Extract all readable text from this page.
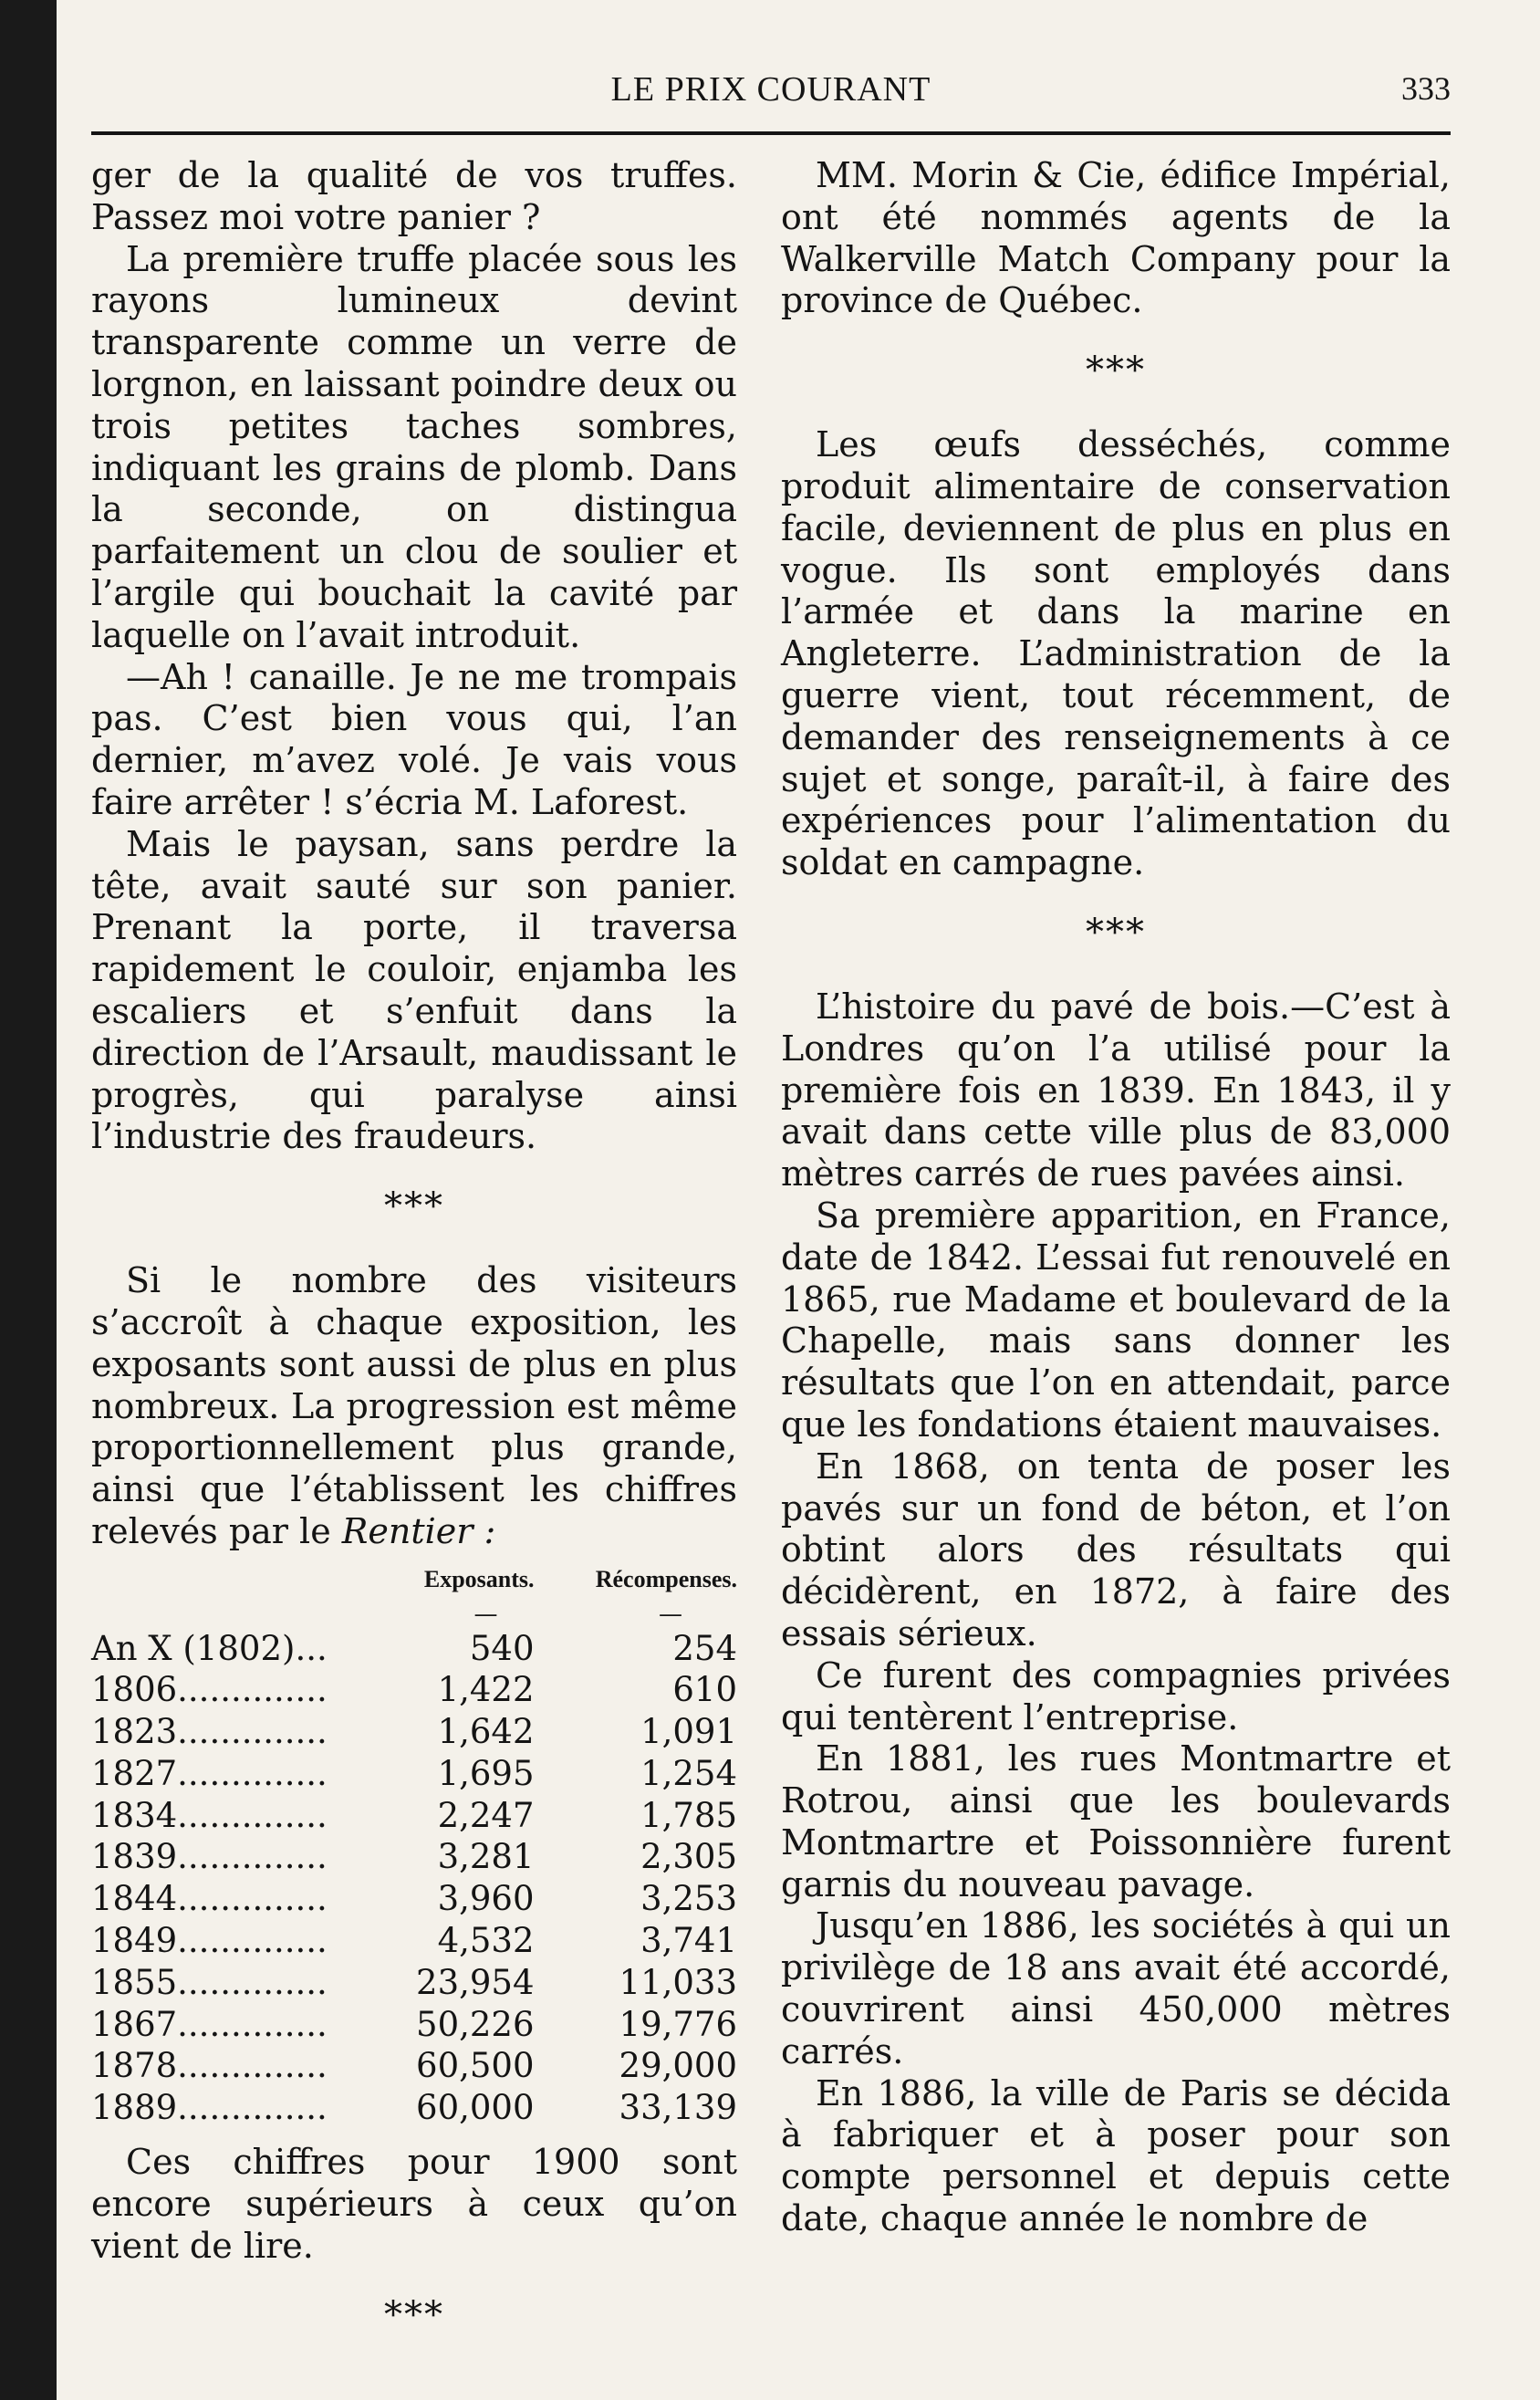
LE PRIX COURANT	333

ger de la qualité de vos truffes. Passez moi votre panier ?

La première truffe placée sous les rayons lumineux devint transparente comme un verre de lorgnon, en laissant poindre deux ou trois petites taches sombres, indiquant les grains de plomb. Dans la seconde, on distingua parfaitement un clou de soulier et l’argile qui bouchait la cavité par laquelle on l’avait introduit.

—Ah ! canaille. Je ne me trompais pas. C’est bien vous qui, l’an dernier, m’avez volé. Je vais vous faire arrêter ! s’écria M. Laforest.

Mais le paysan, sans perdre la tête, avait sauté sur son panier. Prenant la porte, il traversa rapidement le couloir, enjamba les escaliers et s’enfuit dans la direction de l’Arsault, maudissant le progrès, qui paralyse ainsi l’industrie des fraudeurs.

***

Si le nombre des visiteurs s’accroît à chaque exposition, les exposants sont aussi de plus en plus nombreux. La progression est même proportionnellement plus grande, ainsi que l’établissent les chiffres relevés par le Rentier :

	Exposants.	Récompenses.
	—	—
An X (1802)...	540	254
1806..............	1,422	610
1823..............	1,642	1,091
1827..............	1,695	1,254
1834..............	2,247	1,785
1839..............	3,281	2,305
1844..............	3,960	3,253
1849..............	4,532	3,741
1855..............	23,954	11,033
1867..............	50,226	19,776
1878..............	60,500	29,000
1889..............	60,000	33,139

Ces chiffres pour 1900 sont encore supérieurs à ceux qu’on vient de lire.

***

MM. Morin & Cie, édifice Impérial, ont été nommés agents de la Walkerville Match Company pour la province de Québec.

***

Les œufs desséchés, comme produit alimentaire de conservation facile, deviennent de plus en plus en vogue. Ils sont employés dans l’armée et dans la marine en Angleterre. L’administration de la guerre vient, tout récemment, de demander des renseignements à ce sujet et songe, paraît-il, à faire des expériences pour l’alimentation du soldat en campagne.

***

L’histoire du pavé de bois.—C’est à Londres qu’on l’a utilisé pour la première fois en 1839. En 1843, il y avait dans cette ville plus de 83,000 mètres carrés de rues pavées ainsi.

Sa première apparition, en France, date de 1842. L’essai fut renouvelé en 1865, rue Madame et boulevard de la Chapelle, mais sans donner les résultats que l’on en attendait, parce que les fondations étaient mauvaises.

En 1868, on tenta de poser les pavés sur un fond de béton, et l’on obtint alors des résultats qui décidèrent, en 1872, à faire des essais sérieux.

Ce furent des compagnies privées qui tentèrent l’entreprise.

En 1881, les rues Montmartre et Rotrou, ainsi que les boulevards Montmartre et Poissonnière furent garnis du nouveau pavage.

Jusqu’en 1886, les sociétés à qui un privilège de 18 ans avait été accordé, couvrirent ainsi 450,000 mètres carrés.

En 1886, la ville de Paris se décida à fabriquer et à poser pour son compte personnel et depuis cette date, chaque année le nombre de
